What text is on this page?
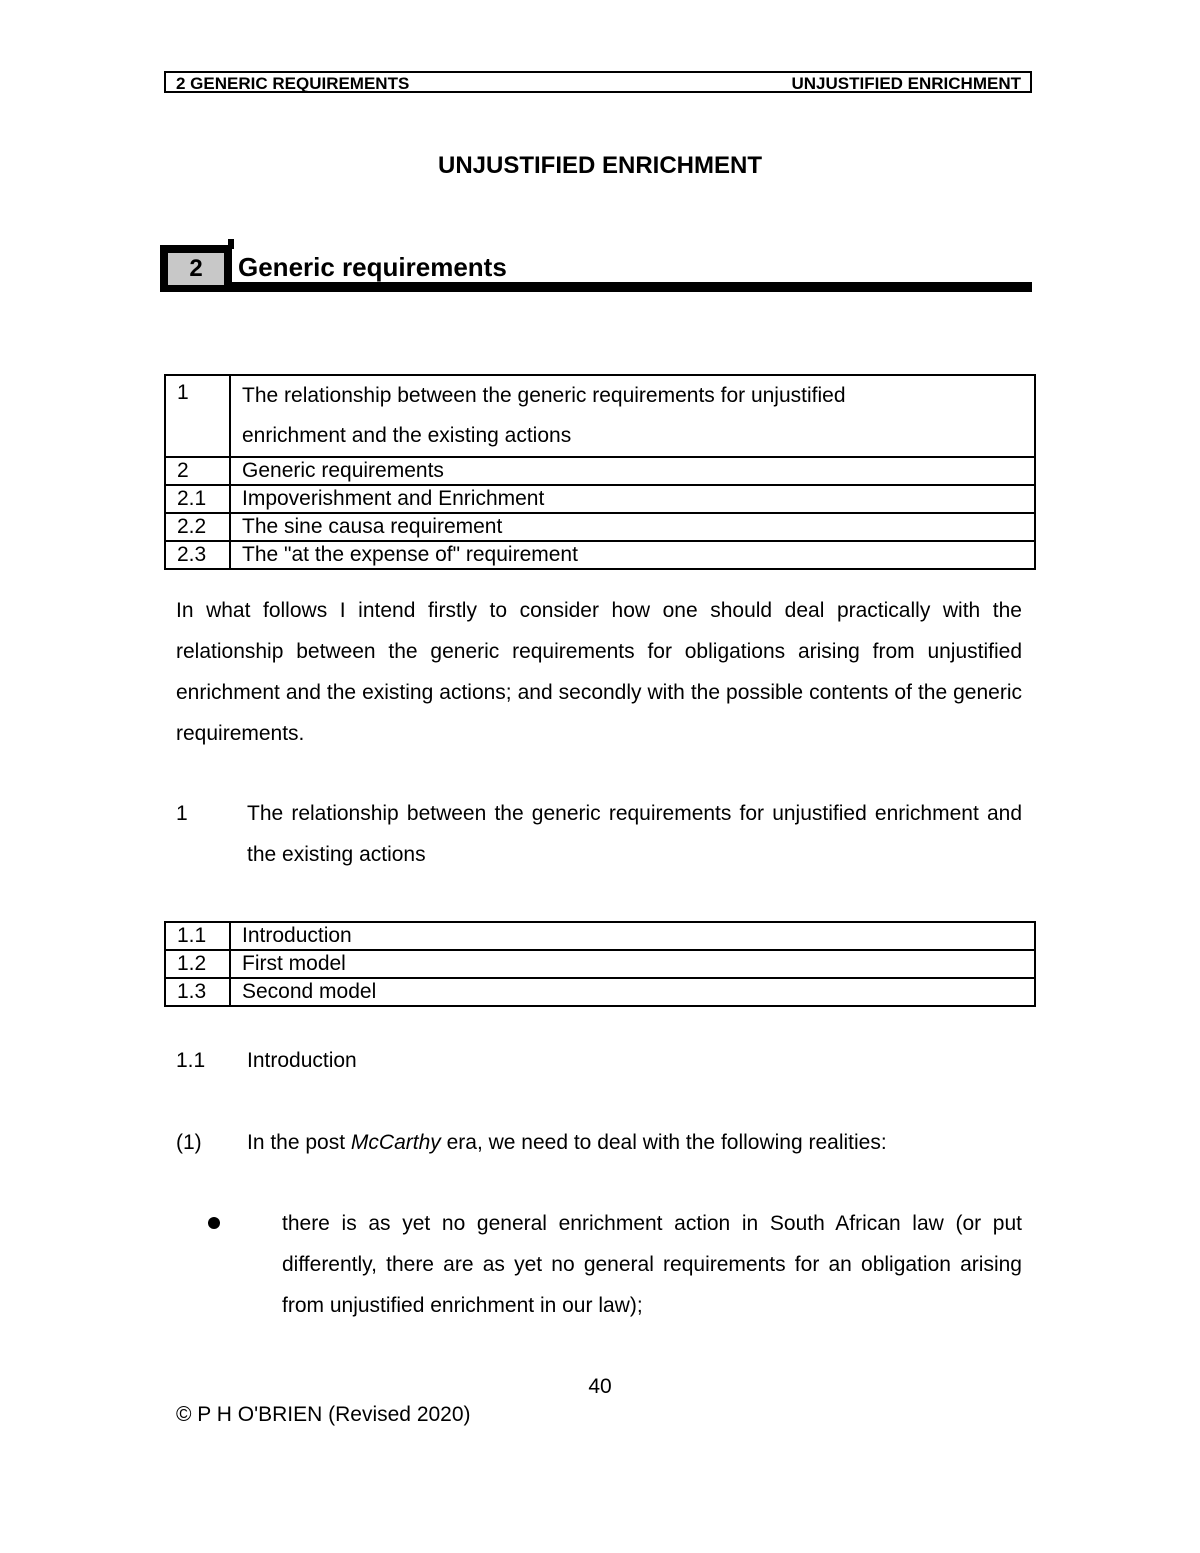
2 GENERIC REQUIREMENTS	UNJUSTIFIED ENRICHMENT
UNJUSTIFIED ENRICHMENT
2	Generic requirements
1	The relationship between the generic requirements for unjustified enrichment and the existing actions
2	Generic requirements
2.1	Impoverishment and Enrichment
2.2	The sine causa requirement
2.3	The "at the expense of" requirement
In what follows I intend firstly to consider how one should deal practically with the relationship between the generic requirements for obligations arising from unjustified enrichment and the existing actions; and secondly with the possible contents of the generic requirements.
1	The relationship between the generic requirements for unjustified enrichment and the existing actions
1.1	Introduction
1.2	First model
1.3	Second model
1.1 Introduction
(1) In the post McCarthy era, we need to deal with the following realities:
there is as yet no general enrichment action in South African law (or put differently, there are as yet no general requirements for an obligation arising from unjustified enrichment in our law);
40
© P H O'BRIEN (Revised 2020)
